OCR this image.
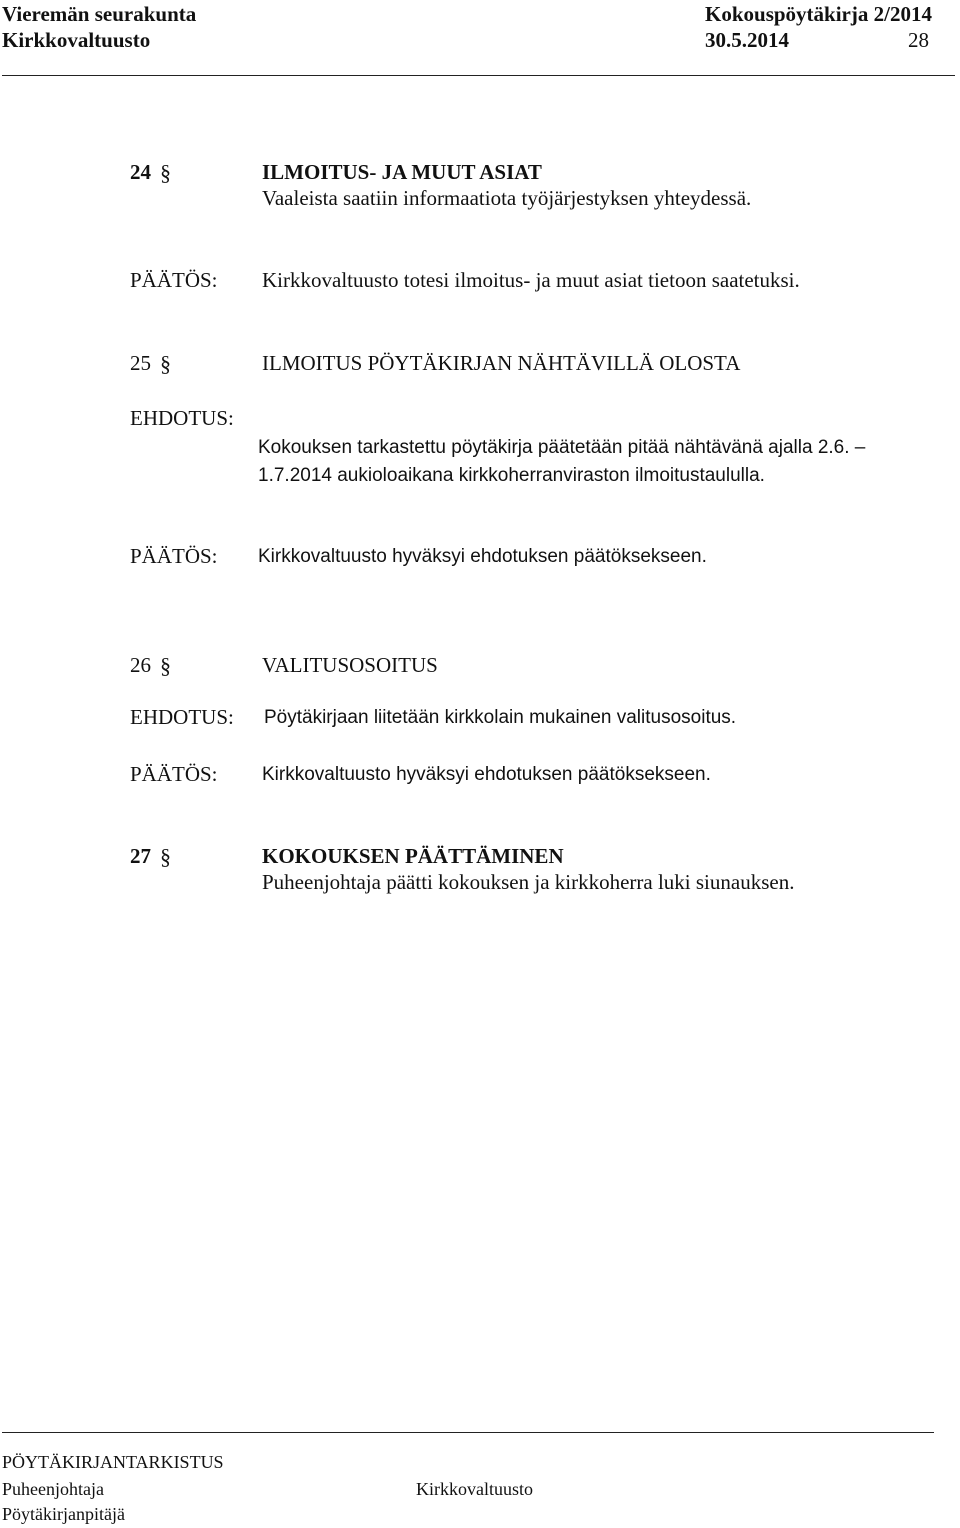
Vieremän seurakunta
Kirkkovaltuusto
Kokouspöytäkirja 2/2014
30.5.2014	28
24 §	ILMOITUS- JA MUUT ASIAT
Vaaleista saatiin informaatiota työjärjestyksen yhteydessä.
PÄÄTÖS: Kirkkovaltuusto totesi ilmoitus- ja muut asiat tietoon saatetuksi.
25 §	ILMOITUS PÖYTÄKIRJAN NÄHTÄVILLÄ OLOSTA
EHDOTUS:
Kokouksen tarkastettu pöytäkirja päätetään pitää nähtävänä ajalla 2.6. –
1.7.2014 aukioloaikana kirkkoherranviraston ilmoitustaululla.
PÄÄTÖS: Kirkkovaltuusto hyväksyi ehdotuksen päätöksekseen.
26 §	VALITUSOSOITUS
EHDOTUS: Pöytäkirjaan liitetään kirkkolain mukainen valitusosoitus.
PÄÄTÖS: Kirkkovaltuusto hyväksyi ehdotuksen päätöksekseen.
27 §	KOKOUKSEN PÄÄTTÄMINEN
Puheenjohtaja päätti kokouksen ja kirkkoherra luki siunauksen.
PÖYTÄKIRJANTARKISTUS
Puheenjohtaja	Kirkkovaltuusto
Pöytäkirjanpitäjä
